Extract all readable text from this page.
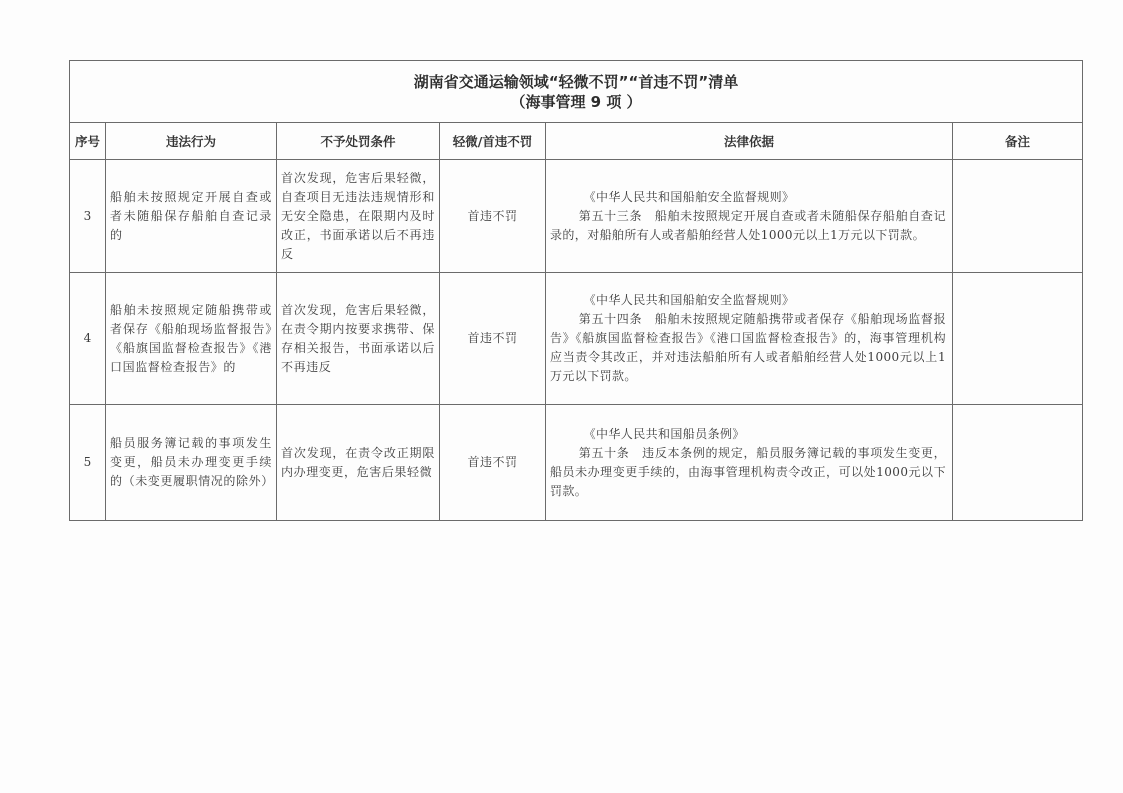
湖南省交通运输领域“轻微不罚”“首违不罚”清单
（海事管理 9 项 ）					

序号	违法行为	不予处罚条件	轻微/首违不罚	法律依据	备注
3	船舶未按照规定开展自查或者未随船保存船舶自查记录的	首次发现，危害后果轻微，自查项目无违法违规情形和无安全隐患，在限期内及时改正，书面承诺以后不再违反	首违不罚	《中华人民共和国船舶安全监督规则》

第五十三条　船舶未按照规定开展自查或者未随船保存船舶自查记录的，对船舶所有人或者船舶经营人处1000元以上1万元以下罚款。	

4	船舶未按照规定随船携带或者保存《船舶现场监督报告》《船旗国监督检查报告》《港口国监督检查报告》的	首次发现，危害后果轻微，在责令期内按要求携带、保存相关报告，书面承诺以后不再违反	首违不罚	《中华人民共和国船舶安全监督规则》

第五十四条　船舶未按照规定随船携带或者保存《船舶现场监督报告》《船旗国监督检查报告》《港口国监督检查报告》的，海事管理机构应当责令其改正，并对违法船舶所有人或者船舶经营人处1000元以上1万元以下罚款。	

5	船员服务簿记载的事项发生变更，船员未办理变更手续的（未变更履职情况的除外）	首次发现，在责令改正期限内办理变更，危害后果轻微	首违不罚	《中华人民共和国船员条例》

第五十条　违反本条例的规定，船员服务簿记载的事项发生变更，船员未办理变更手续的，由海事管理机构责令改正，可以处1000元以下罚款。	
